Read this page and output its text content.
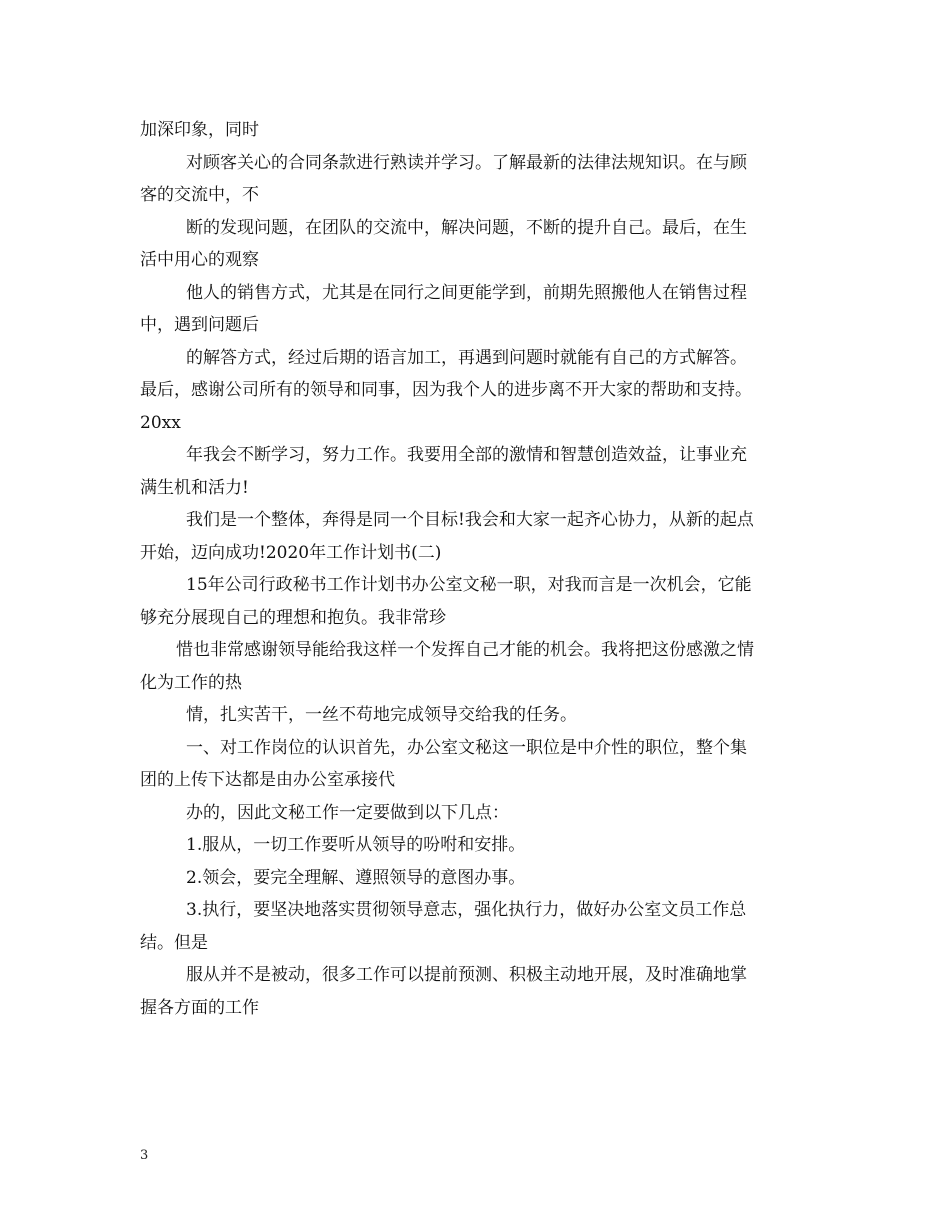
加深印象，同时
对顾客关心的合同条款进行熟读并学习。了解最新的法律法规知识。在与顾
客的交流中，不
断的发现问题，在团队的交流中，解决问题，不断的提升自己。最后，在生
活中用心的观察
他人的销售方式，尤其是在同行之间更能学到，前期先照搬他人在销售过程
中，遇到问题后
的解答方式，经过后期的语言加工，再遇到问题时就能有自己的方式解答。
最后，感谢公司所有的领导和同事，因为我个人的进步离不开大家的帮助和支持。
20xx
年我会不断学习，努力工作。我要用全部的激情和智慧创造效益，让事业充
满生机和活力!
我们是一个整体，奔得是同一个目标!我会和大家一起齐心协力，从新的起点
开始，迈向成功!2020年工作计划书(二)
15年公司行政秘书工作计划书办公室文秘一职，对我而言是一次机会，它能
够充分展现自己的理想和抱负。我非常珍
惜也非常感谢领导能给我这样一个发挥自己才能的机会。我将把这份感激之情
化为工作的热
情，扎实苦干，一丝不苟地完成领导交给我的任务。
一、对工作岗位的认识首先，办公室文秘这一职位是中介性的职位，整个集
团的上传下达都是由办公室承接代
办的，因此文秘工作一定要做到以下几点：
1.服从，一切工作要听从领导的吩咐和安排。
2.领会，要完全理解、遵照领导的意图办事。
3.执行，要坚决地落实贯彻领导意志，强化执行力，做好办公室文员工作总
结。但是
服从并不是被动，很多工作可以提前预测、积极主动地开展，及时准确地掌
握各方面的工作
3
